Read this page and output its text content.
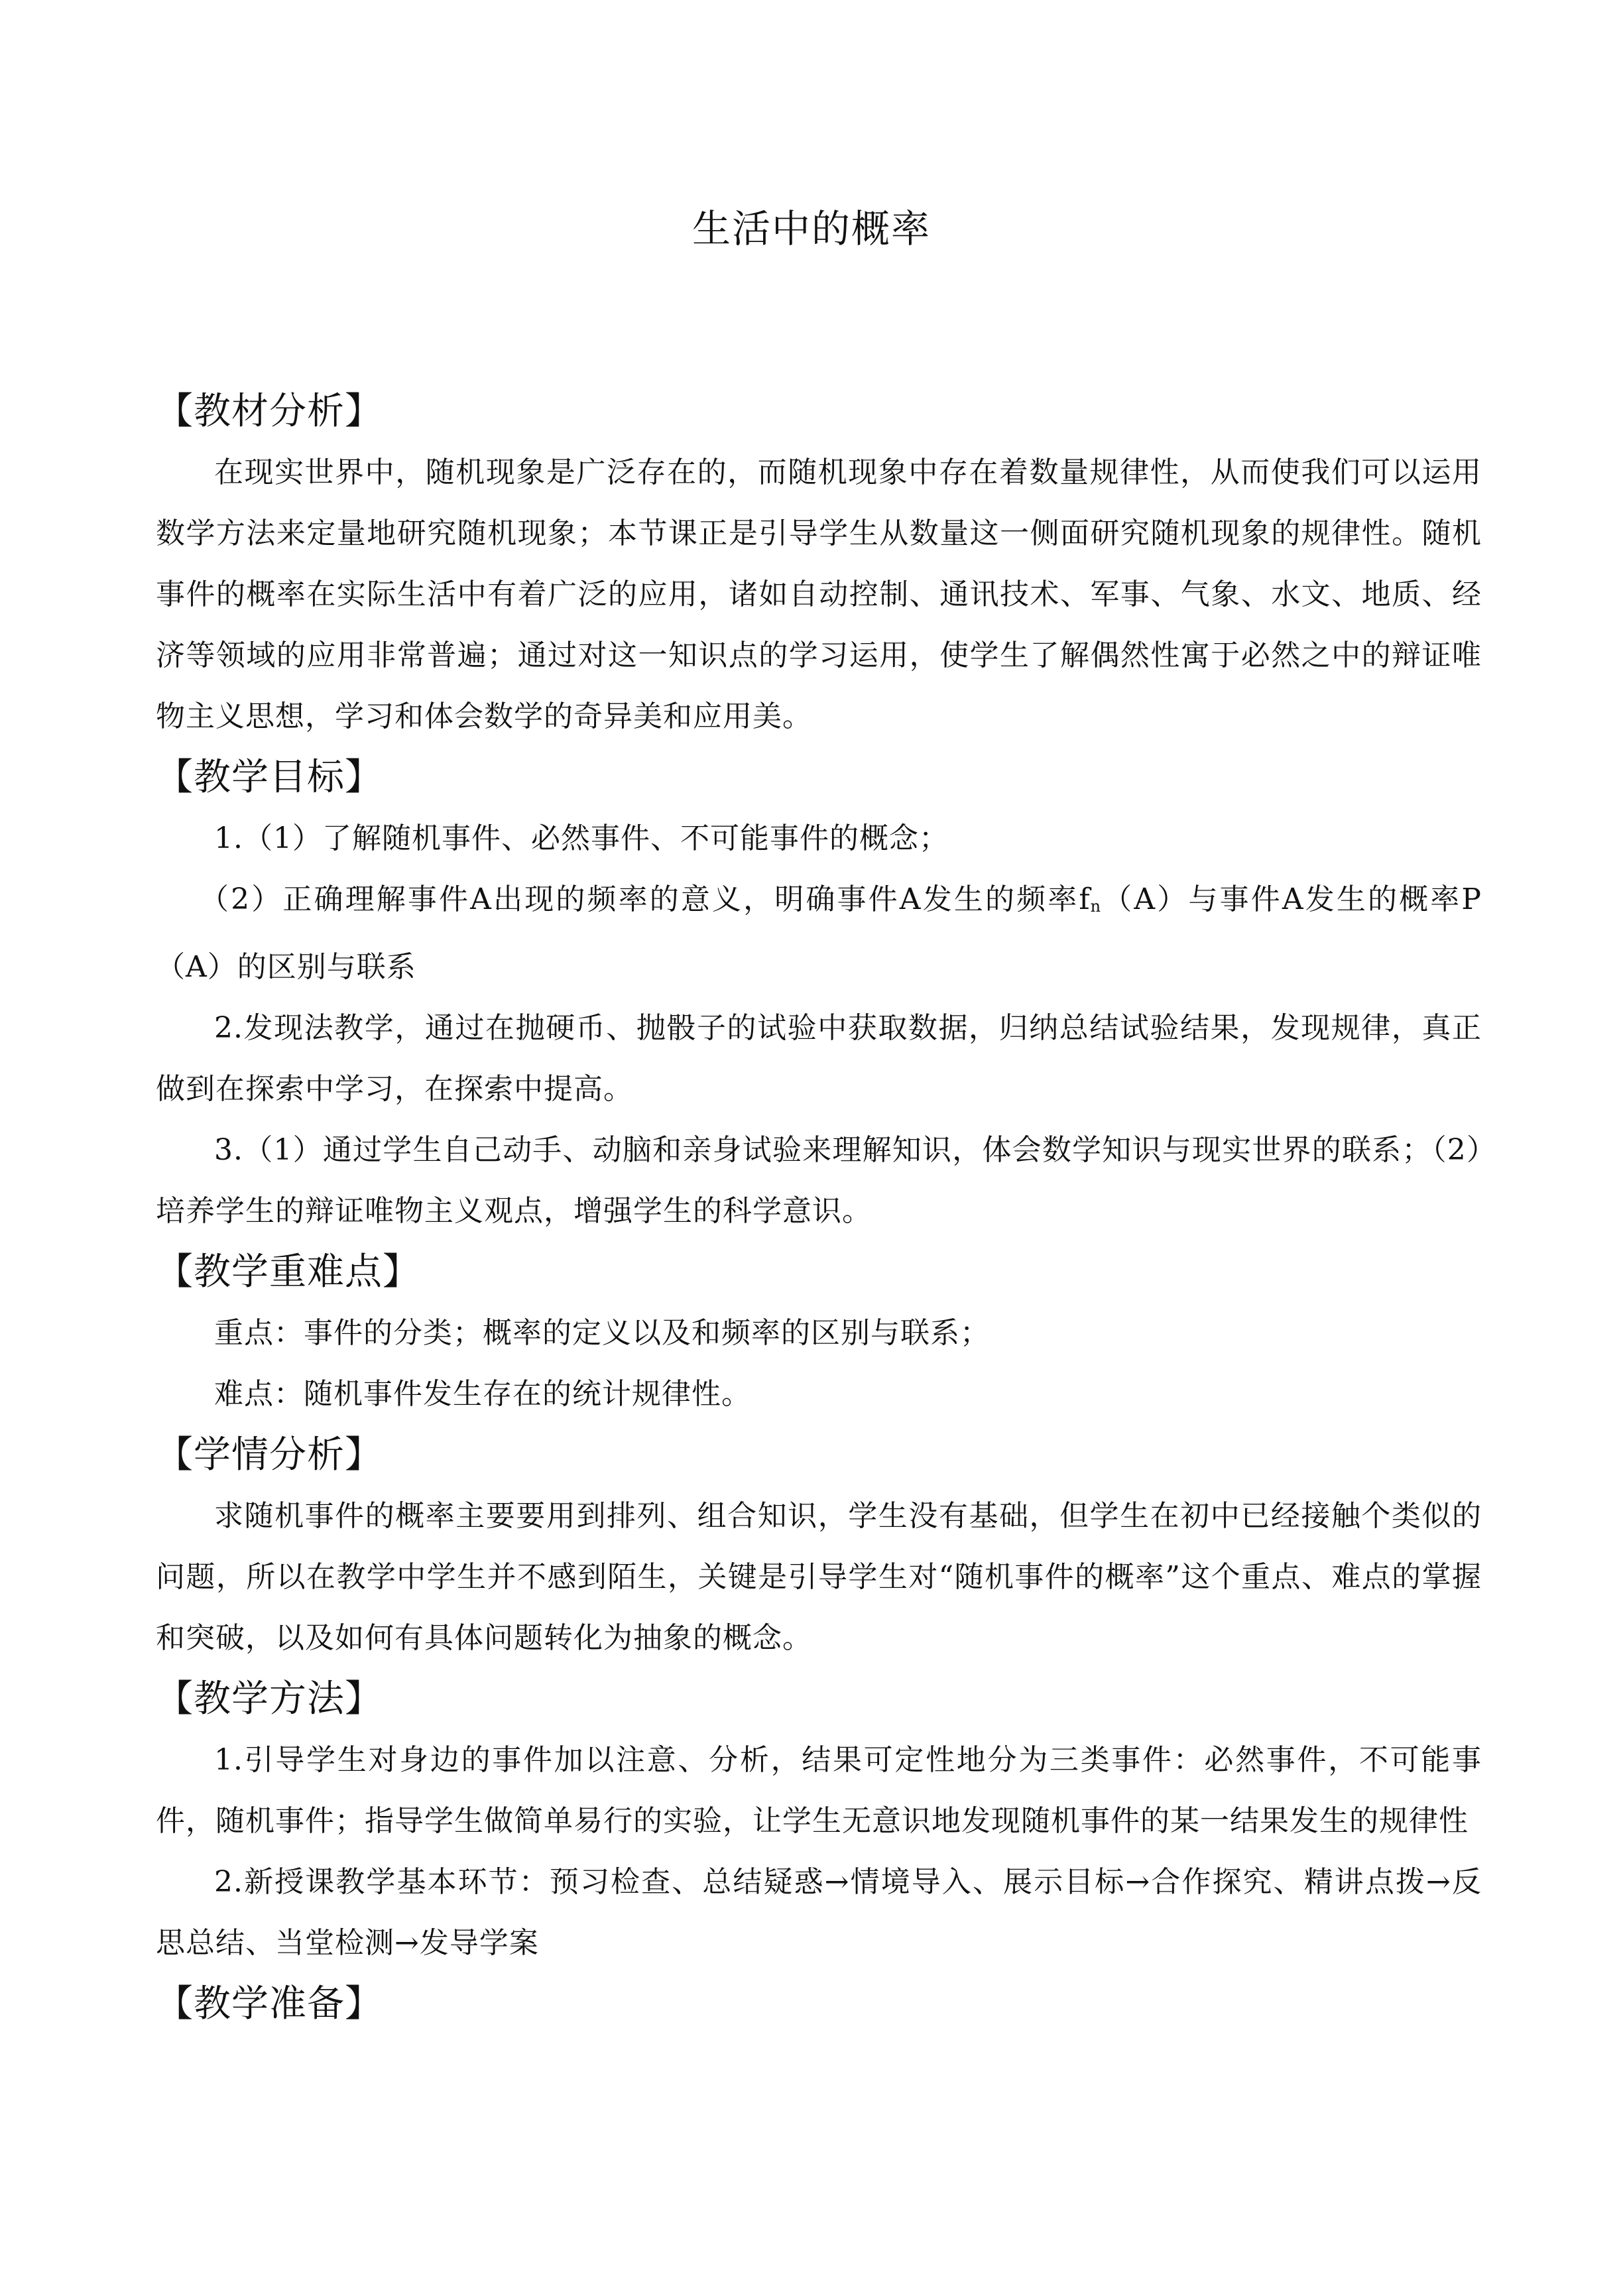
生活中的概率
【教材分析】

在现实世界中，随机现象是广泛存在的，而随机现象中存在着数量规律性，从而使我们可以运用数学方法来定量地研究随机现象；本节课正是引导学生从数量这一侧面研究随机现象的规律性。随机事件的概率在实际生活中有着广泛的应用，诸如自动控制、通讯技术、军事、气象、水文、地质、经济等领域的应用非常普遍；通过对这一知识点的学习运用，使学生了解偶然性寓于必然之中的辩证唯物主义思想，学习和体会数学的奇异美和应用美。

【教学目标】

1.（1）了解随机事件、必然事件、不可能事件的概念；

（2）正确理解事件A出现的频率的意义，明确事件A发生的频率$f_n(A)$与事件A发生的概率P（A）的区别与联系

2.发现法教学，通过在抛硬币、抛骰子的试验中获取数据，归纳总结试验结果，发现规律，真正做到在探索中学习，在探索中提高。

3.（1）通过学生自己动手、动脑和亲身试验来理解知识，体会数学知识与现实世界的联系；（2）培养学生的辩证唯物主义观点，增强学生的科学意识。

【教学重难点】

重点：事件的分类；概率的定义以及和频率的区别与联系；

难点：随机事件发生存在的统计规律性。

【学情分析】

求随机事件的概率主要要用到排列、组合知识，学生没有基础，但学生在初中已经接触个类似的问题，所以在教学中学生并不感到陌生，关键是引导学生对“随机事件的概率”这个重点、难点的掌握和突破，以及如何有具体问题转化为抽象的概念。

【教学方法】

1.引导学生对身边的事件加以注意、分析，结果可定性地分为三类事件：必然事件，不可能事件，随机事件；指导学生做简单易行的实验，让学生无意识地发现随机事件的某一结果发生的规律性

2.新授课教学基本环节：预习检查、总结疑惑→情境导入、展示目标→合作探究、精讲点拨→反思总结、当堂检测→发导学案

【教学准备】
